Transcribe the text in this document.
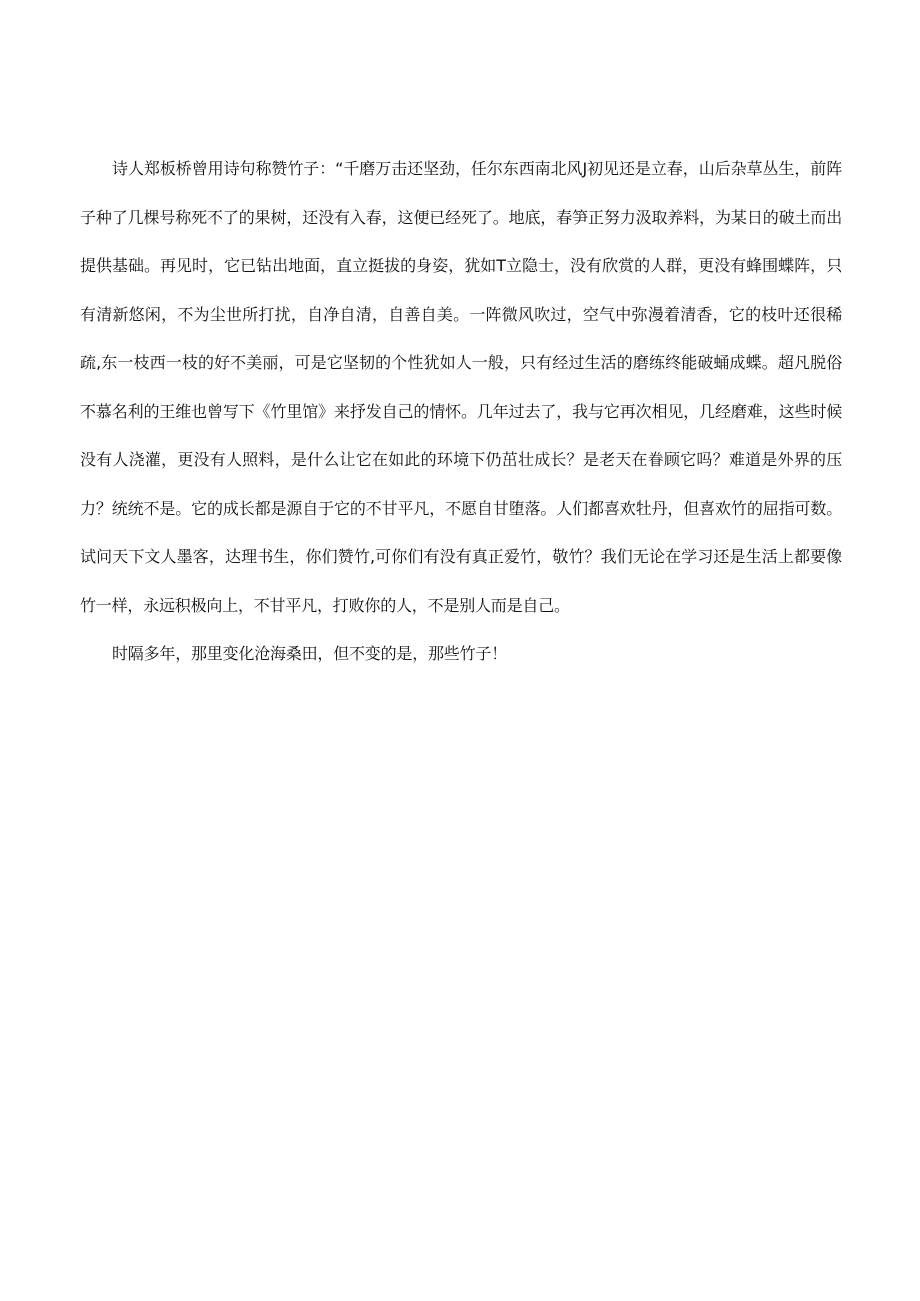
诗人郑板桥曾用诗句称赞竹子：“千磨万击还坚劲，任尔东西南北风J初见还是立春，山后杂草丛生，前阵子种了几棵号称死不了的果树，还没有入春，这便已经死了。地底，春笋正努力汲取养料，为某日的破土而出提供基础。再见时，它已钻出地面，直立挺拔的身姿，犹如T立隐士，没有欣赏的人群，更没有蜂围蝶阵，只有清新悠闲，不为尘世所打扰，自净自清，自善自美。一阵微风吹过，空气中弥漫着清香，它的枝叶还很稀疏,东一枝西一枝的好不美丽，可是它坚韧的个性犹如人一般，只有经过生活的磨练终能破蛹成蝶。超凡脱俗不慕名利的王维也曾写下《竹里馆》来抒发自己的情怀。几年过去了，我与它再次相见，几经磨难，这些时候没有人浇灌，更没有人照料，是什么让它在如此的环境下仍茁壮成长？是老天在眷顾它吗？难道是外界的压力？统统不是。它的成长都是源自于它的不甘平凡，不愿自甘堕落。人们都喜欢牡丹，但喜欢竹的屈指可数。试问天下文人墨客，达理书生，你们赞竹,可你们有没有真正爱竹，敬竹？我们无论在学习还是生活上都要像竹一样，永远积极向上，不甘平凡，打败你的人，不是别人而是自己。

时隔多年，那里变化沧海桑田，但不变的是，那些竹子！
